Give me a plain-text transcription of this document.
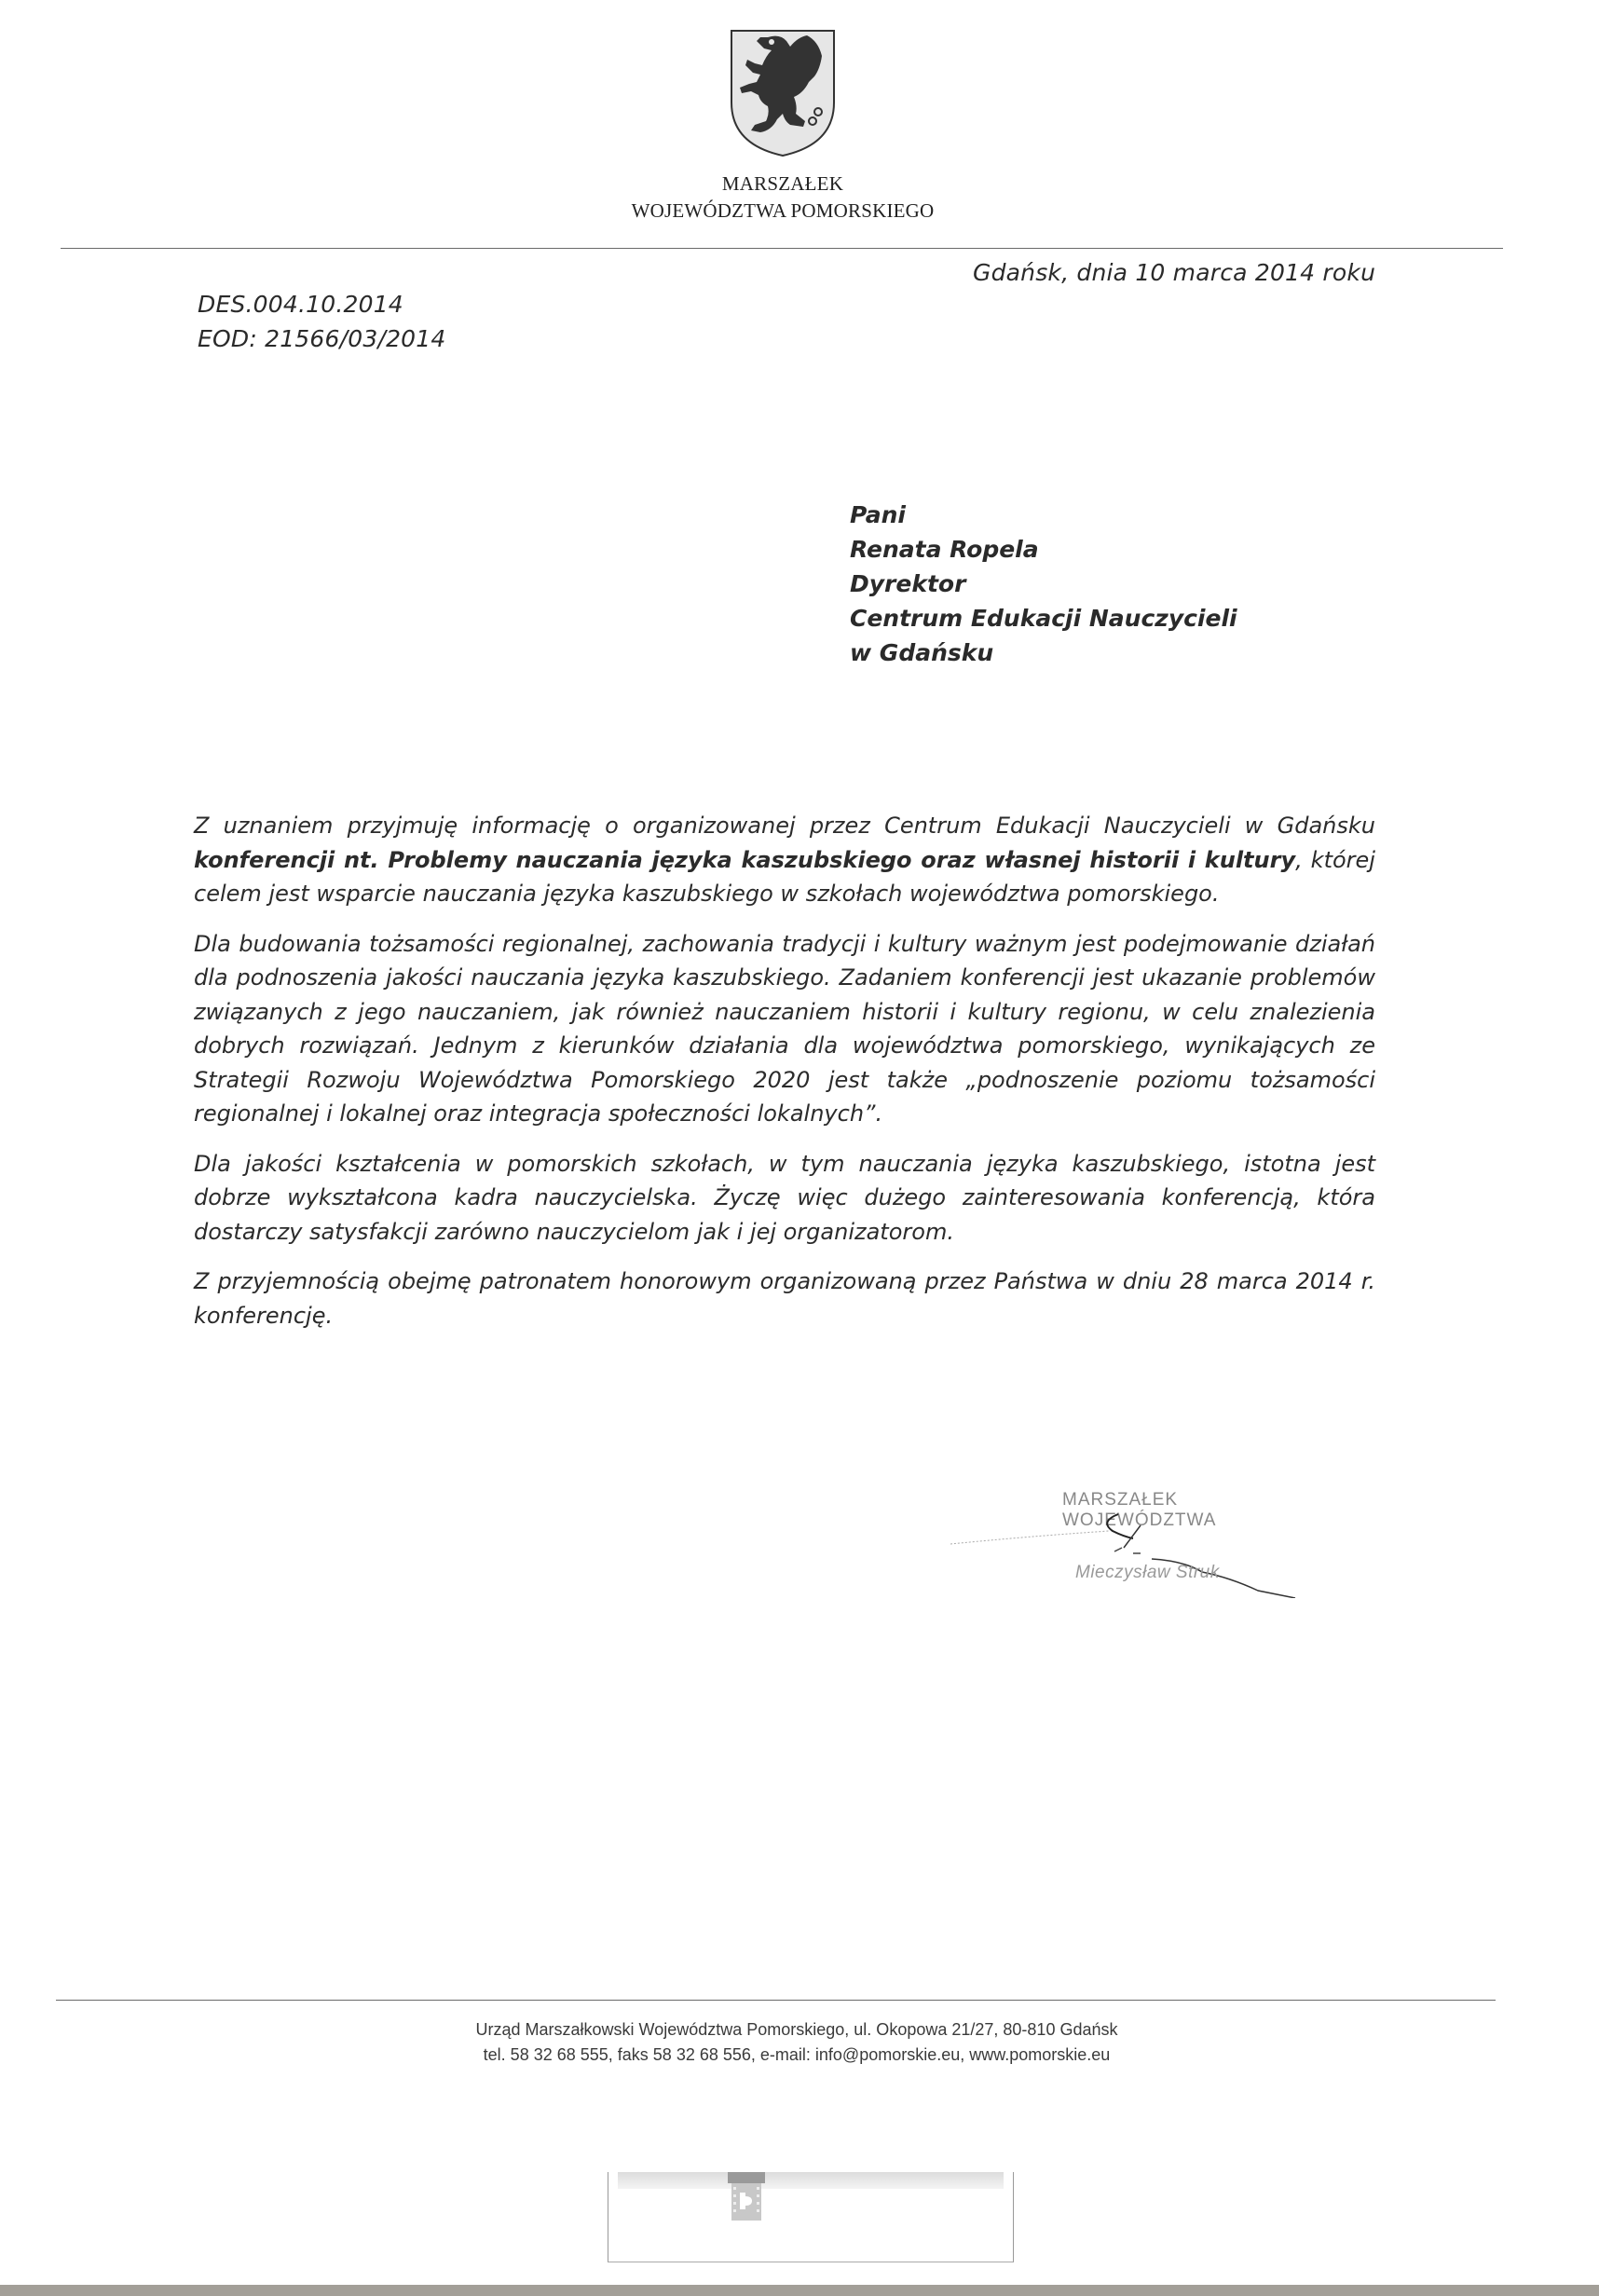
MARSZAŁEK
WOJEWÓDZTWA POMORSKIEGO
Gdańsk, dnia 10 marca 2014 roku
DES.004.10.2014
EOD: 21566/03/2014
Pani
Renata Ropela
Dyrektor
Centrum Edukacji Nauczycieli
w Gdańsku

Z uznaniem przyjmuję informację o organizowanej przez Centrum Edukacji Nauczycieli w Gdańsku konferencji nt. Problemy nauczania języka kaszubskiego oraz własnej historii i kultury, której celem jest wsparcie nauczania języka kaszubskiego w szkołach województwa pomorskiego.

Dla budowania tożsamości regionalnej, zachowania tradycji i kultury ważnym jest podejmowanie działań dla podnoszenia jakości nauczania języka kaszubskiego. Zadaniem konferencji jest ukazanie problemów związanych z jego nauczaniem, jak również nauczaniem historii i kultury regionu, w celu znalezienia dobrych rozwiązań. Jednym z kierunków działania dla województwa pomorskiego, wynikających ze Strategii Rozwoju Województwa Pomorskiego 2020 jest także „podnoszenie poziomu tożsamości regionalnej i lokalnej oraz integracja społeczności lokalnych”.

Dla jakości kształcenia w pomorskich szkołach, w tym nauczania języka kaszubskiego, istotna jest dobrze wykształcona kadra nauczycielska. Życzę więc dużego zainteresowania konferencją, która dostarczy satysfakcji zarówno nauczycielom jak i jej organizatorom.

Z przyjemnością obejmę patronatem honorowym organizowaną przez Państwa w dniu 28 marca 2014 r. konferencję.

MARSZAŁEK WOJEWÓDZTWA
Mieczysław Struk
Urząd Marszałkowski Województwa Pomorskiego, ul. Okopowa 21/27, 80-810 Gdańsk
tel. 58 32 68 555, faks 58 32 68 556, e-mail: info@pomorskie.eu, www.pomorskie.eu
